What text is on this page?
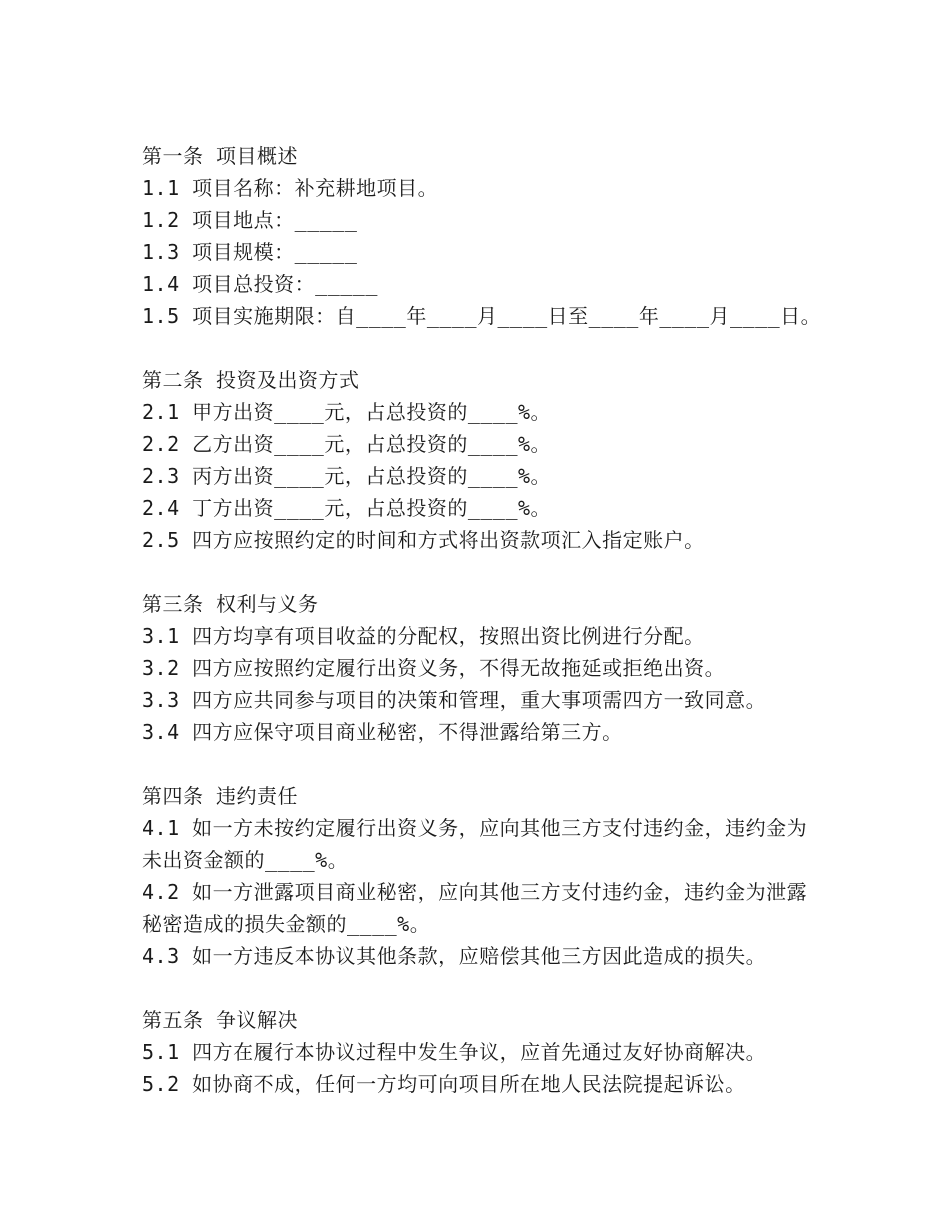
第一条 项目概述
1.1 项目名称：补充耕地项目。
1.2 项目地点：_____
1.3 项目规模：_____
1.4 项目总投资：_____
1.5 项目实施期限：自____年____月____日至____年____月____日。
第二条 投资及出资方式
2.1 甲方出资____元，占总投资的____%。
2.2 乙方出资____元，占总投资的____%。
2.3 丙方出资____元，占总投资的____%。
2.4 丁方出资____元，占总投资的____%。
2.5 四方应按照约定的时间和方式将出资款项汇入指定账户。
第三条 权利与义务
3.1 四方均享有项目收益的分配权，按照出资比例进行分配。
3.2 四方应按照约定履行出资义务，不得无故拖延或拒绝出资。
3.3 四方应共同参与项目的决策和管理，重大事项需四方一致同意。
3.4 四方应保守项目商业秘密，不得泄露给第三方。
第四条 违约责任
4.1 如一方未按约定履行出资义务，应向其他三方支付违约金，违约金为未出资金额的____%。
4.2 如一方泄露项目商业秘密，应向其他三方支付违约金，违约金为泄露秘密造成的损失金额的____%。
4.3 如一方违反本协议其他条款，应赔偿其他三方因此造成的损失。
第五条 争议解决
5.1 四方在履行本协议过程中发生争议，应首先通过友好协商解决。
5.2 如协商不成，任何一方均可向项目所在地人民法院提起诉讼。
